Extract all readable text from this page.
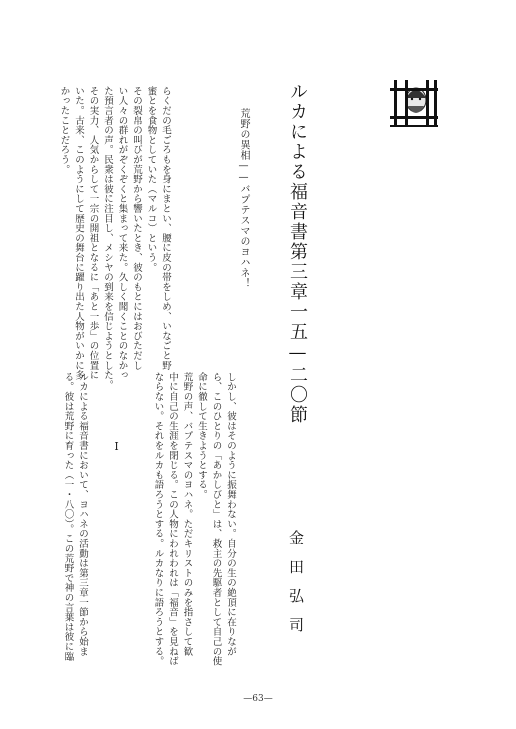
ルカによる福音書第三章一五—二〇節
金田弘司

しかし、彼はそのように振舞わない。自分の生の絶頂に在りなが

ら、このひとりの「あかしびと」は、救主の先駆者として自己の使

命に徹して生きようとする。

荒野の声、バプテスマのヨハネ。ただキリストのみを指さして歓

中に自己の生涯を閉じる。この人物にわれわれは「福音」を見ねば

ならない。それをルカも語ろうとする。ルカなりに語ろうとする。

I

ルカによる福音書において、ヨハネの活動は第三章一節から始ま

る。彼は荒野に育った（一・八〇）。この荒野で神の言葉は彼に臨

荒野の異相——バプテスマのヨハネ！

らくだの毛ごろもを身にまとい、腰に皮の帯をしめ、いなごと野

蜜とを食物としていた（マルコ）という。

その裂帛の叫びが荒野から響いたとき、彼のもとにはおびただし

い人々の群れがぞくぞくと集まって来た。久しく聞くことのなかっ

た預言者の声。民衆は彼に注目し、メシヤの到来を信じようとした。

その実力、人気からして一宗の開祖となるに「あと一歩」の位置に

いた。古来、このようにして歴史の舞台に躍り出た人物がいかに多

かったことだろう。

—63—
